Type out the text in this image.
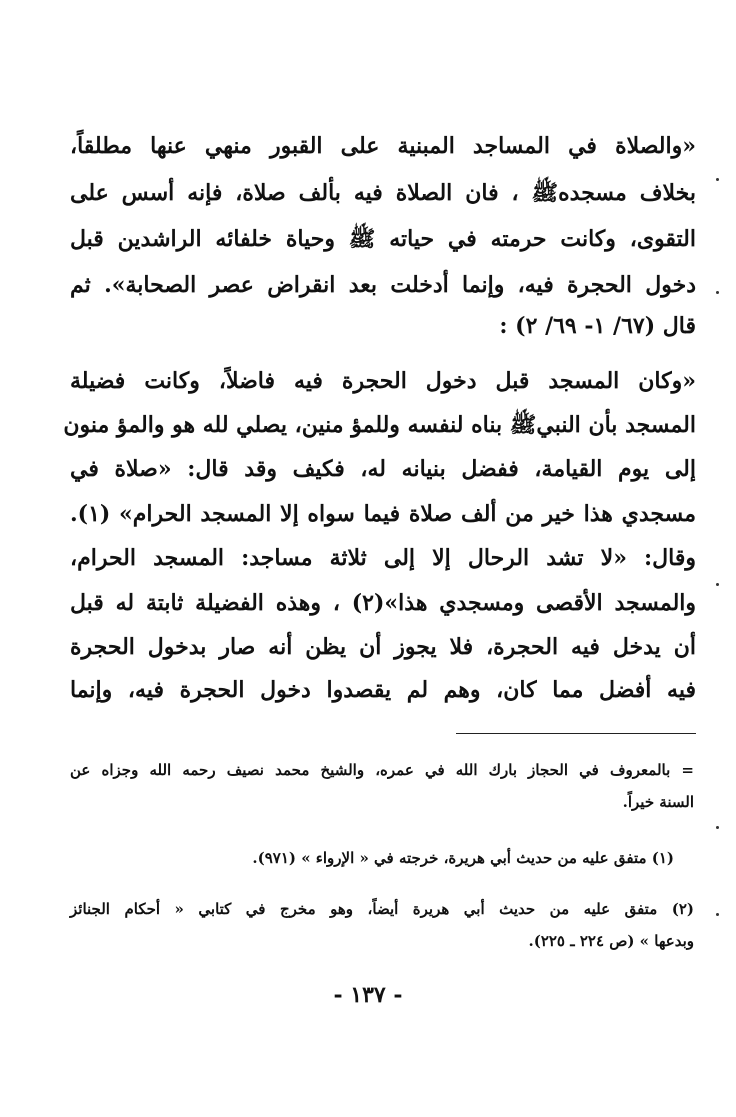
«والصلاة في المساجد المبنية على القبور منهي عنها مطلقاً،
بخلاف مسجدهﷺ ، فان الصلاة فيه بألف صلاة، فإنه أسس على
التقوى، وكانت حرمته في حياته ﷺ وحياة خلفائه الراشدين قبل
دخول الحجرة فيه، وإنما أدخلت بعد انقراض عصر الصحابة». ثم
قال (٦٧/ ١- ٦٩/ ٢) :
«وكان المسجد قبل دخول الحجرة فيه فاضلاً، وكانت فضيلة
المسجد بأن النبيﷺ بناه لنفسه وللمؤ منين، يصلي لله هو والمؤ منون
إلى يوم القيامة، ففضل بنيانه له، فكيف وقد قال: «صلاة في
مسجدي هذا خير من ألف صلاة فيما سواه إلا المسجد الحرام» (١).
وقال: «لا تشد الرحال إلا إلى ثلاثة مساجد: المسجد الحرام،
والمسجد الأقصى ومسجدي هذا»(٢) ، وهذه الفضيلة ثابتة له قبل
أن يدخل فيه الحجرة، فلا يجوز أن يظن أنه صار بدخول الحجرة
فيه أفضل مما كان، وهم لم يقصدوا دخول الحجرة فيه، وإنما
= بالمعروف في الحجاز بارك الله في عمره، والشيخ محمد نصيف رحمه الله وجزاه عن
السنة خيراً.
(١) متفق عليه من حديث أبي هريرة، خرجته في « الإرواء » (٩٧١).
(٢) متفق عليه من حديث أبي هريرة أيضاً، وهو مخرج في كتابي « أحكام الجنائز
وبدعها » (ص ٢٢٤ ـ ٢٢٥).
- ١٣٧ -
